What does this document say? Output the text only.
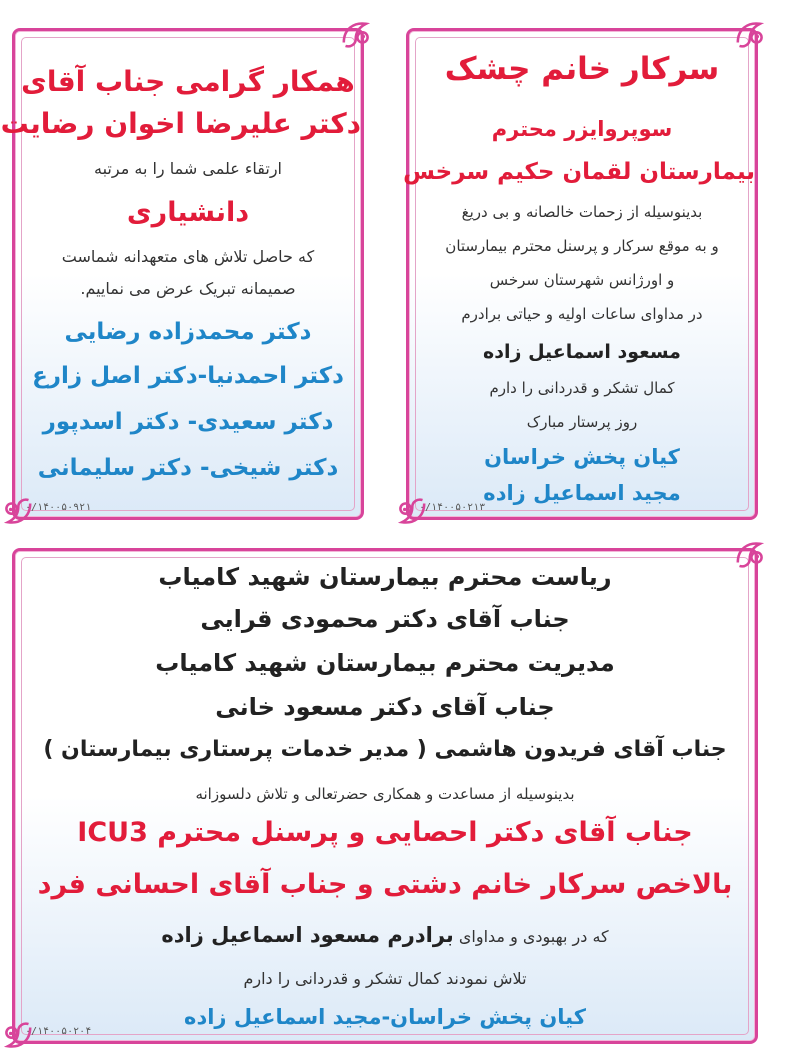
همکار گرامی جناب آقای
دکتر علیرضا اخوان رضایت
ارتقاء علمی شما را به مرتبه
دانشیاری
که حاصل تلاش های متعهدانه شماست
صمیمانه تبریک عرض می نماییم.
دکتر محمدزاده رضایی
دکتر احمدنیا-دکتر اصل زارع
دکتر سعیدی- دکتر اسدپور
دکتر شیخی- دکتر سلیمانی
۰/۱۴۰۰۵۰۹۲۱
سرکار خانم چشک
سوپروایزر محترم
بیمارستان لقمان حکیم سرخس
بدینوسیله از زحمات خالصانه و بی دریغ
و به موقع سرکار و پرسنل محترم بیمارستان
و اورژانس شهرستان سرخس
در مداوای ساعات اولیه و حیاتی برادرم
مسعود اسماعیل زاده
کمال تشکر و قدردانی را دارم
روز پرستار مبارک
کیان پخش خراسان
مجید اسماعیل زاده
۰/۱۴۰۰۵۰۲۱۳
ریاست محترم بیمارستان شهید کامیاب
جناب آقای دکتر محمودی قرایی
مدیریت محترم بیمارستان شهید کامیاب
جناب آقای دکتر مسعود خانی
جناب آقای فریدون هاشمی ( مدیر خدمات پرستاری بیمارستان )
بدینوسیله از مساعدت و همکاری حضرتعالی و تلاش دلسوزانه
جناب آقای دکتر احصایی و پرسنل محترم ICU3
بالاخص سرکار خانم دشتی و جناب آقای احسانی فرد
که در بهبودی و مداوای برادرم مسعود اسماعیل زاده
تلاش نمودند کمال تشکر و قدردانی را دارم
کیان پخش خراسان-مجید اسماعیل زاده
۰/۱۴۰۰۵۰۲۰۴
